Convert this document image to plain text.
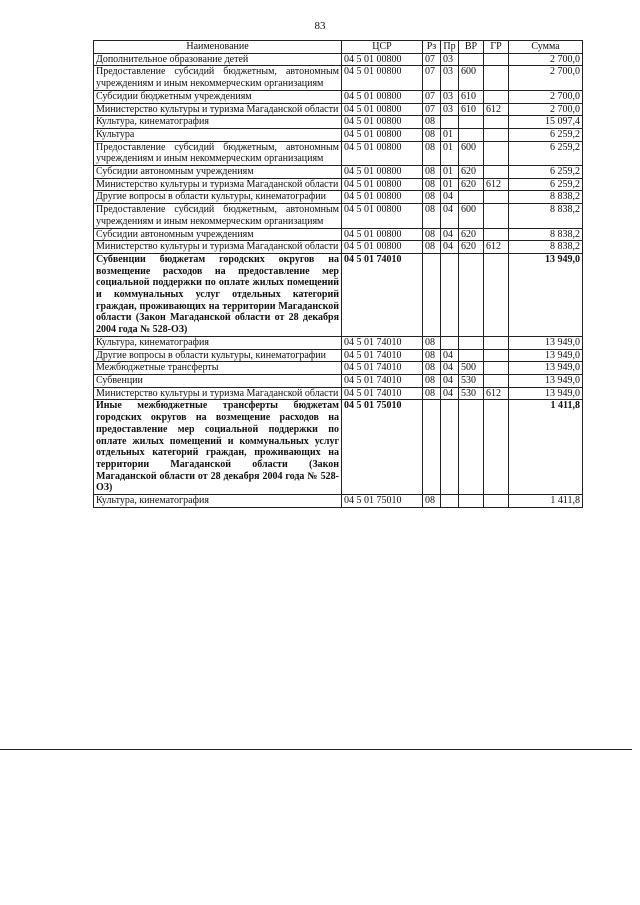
83
Наименование	ЦСР	Рз	Пр	ВР	ГР	Сумма
Дополнительное образование детей	04 5 01 00800	07	03			2 700,0
Предоставление субсидий бюджетным, автономным учреждениям и иным некоммерческим организациям	04 5 01 00800	07	03	600		2 700,0
Субсидии бюджетным учреждениям	04 5 01 00800	07	03	610		2 700,0
Министерство культуры и туризма Магаданской области	04 5 01 00800	07	03	610	612	2 700,0
Культура, кинематография	04 5 01 00800	08				15 097,4
Культура	04 5 01 00800	08	01			6 259,2
Предоставление субсидий бюджетным, автономным учреждениям и иным некоммерческим организациям	04 5 01 00800	08	01	600		6 259,2
Субсидии автономным учреждениям	04 5 01 00800	08	01	620		6 259,2
Министерство культуры и туризма Магаданской области	04 5 01 00800	08	01	620	612	6 259,2
Другие вопросы в области культуры, кинематографии	04 5 01 00800	08	04			8 838,2
Предоставление субсидий бюджетным, автономным учреждениям и иным некоммерческим организациям	04 5 01 00800	08	04	600		8 838,2
Субсидии автономным учреждениям	04 5 01 00800	08	04	620		8 838,2
Министерство культуры и туризма Магаданской области	04 5 01 00800	08	04	620	612	8 838,2
Субвенции бюджетам городских округов на возмещение расходов на предоставление мер социальной поддержки по оплате жилых помещений и коммунальных услуг отдельных категорий граждан, проживающих на территории Магаданской области (Закон Магаданской области от 28 декабря 2004 года № 528-ОЗ)	04 5 01 74010					13 949,0
Культура, кинематография	04 5 01 74010	08				13 949,0
Другие вопросы в области культуры, кинематографии	04 5 01 74010	08	04			13 949,0
Межбюджетные трансферты	04 5 01 74010	08	04	500		13 949,0
Субвенции	04 5 01 74010	08	04	530		13 949,0
Министерство культуры и туризма Магаданской области	04 5 01 74010	08	04	530	612	13 949,0
Иные межбюджетные трансферты бюджетам городских округов на возмещение расходов на предоставление мер социальной поддержки по оплате жилых помещений и коммунальных услуг отдельных категорий граждан, проживающих на территории Магаданской области (Закон Магаданской области от 28 декабря 2004 года № 528-ОЗ)	04 5 01 75010					1 411,8
Культура, кинематография	04 5 01 75010	08				1 411,8
